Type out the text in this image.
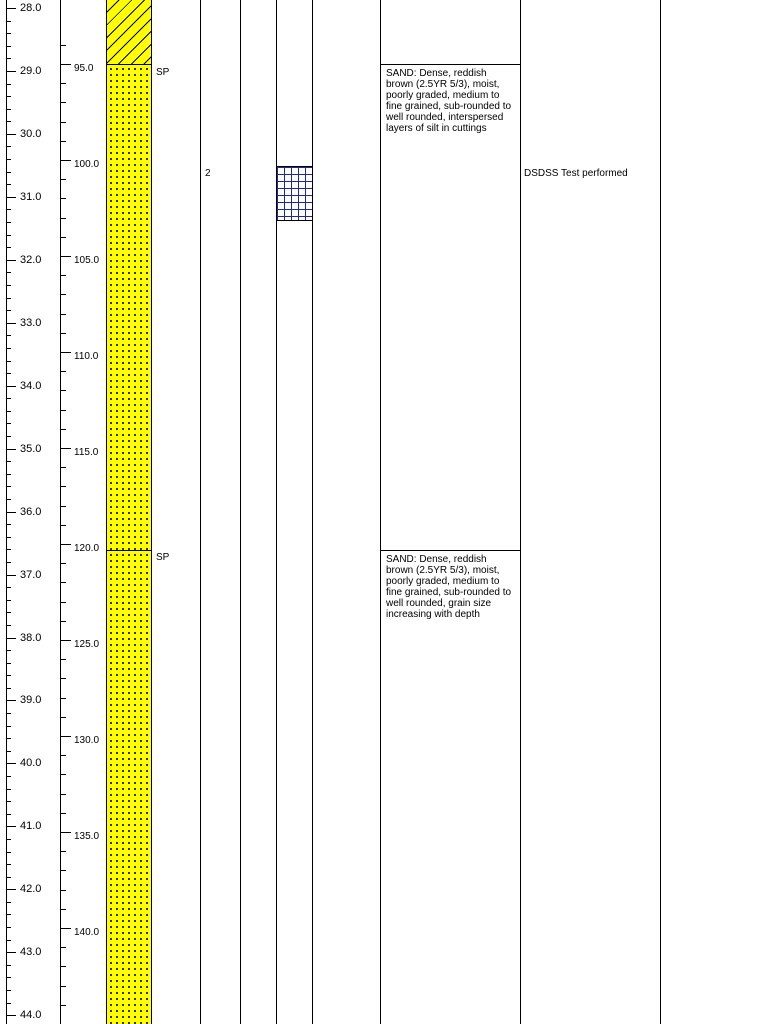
28.0
29.0
30.0
31.0
32.0
33.0
34.0
35.0
36.0
37.0
38.0
39.0
40.0
41.0
42.0
43.0
44.0
95.0
100.0
105.0
110.0
115.0
120.0
125.0
130.0
135.0
140.0
SP
SP
2
SAND: Dense, reddish brown (2.5YR 5/3), moist, poorly graded, medium to fine grained, sub-rounded to well rounded, interspersed layers of silt in cuttings
SAND: Dense, reddish brown (2.5YR 5/3), moist, poorly graded, medium to fine grained, sub-rounded to well rounded, grain size increasing with depth
DSDSS Test performed
